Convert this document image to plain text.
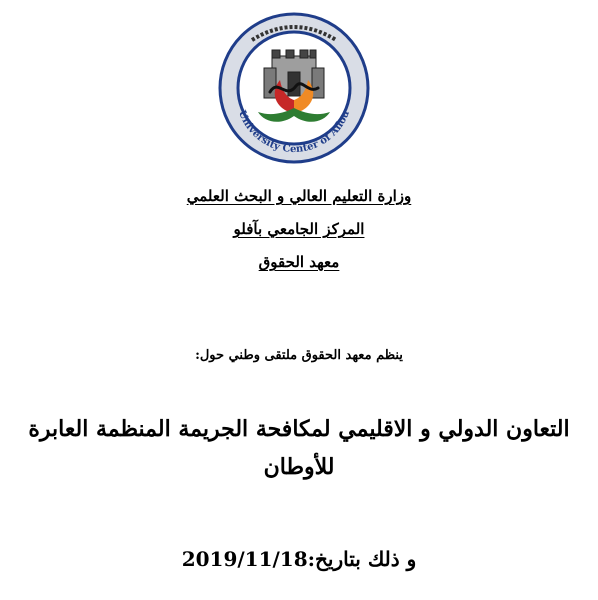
University Center of Aflou
وزارة التعليم العالي و البحث العلمي
المركز الجامعي بآفلو
معهد الحقوق
ينظم معهد الحقوق ملتقى وطني حول:
التعاون الدولي و الاقليمي لمكافحة الجريمة المنظمة العابرة
للأوطان
و ذلك بتاريخ:2019/11/18
